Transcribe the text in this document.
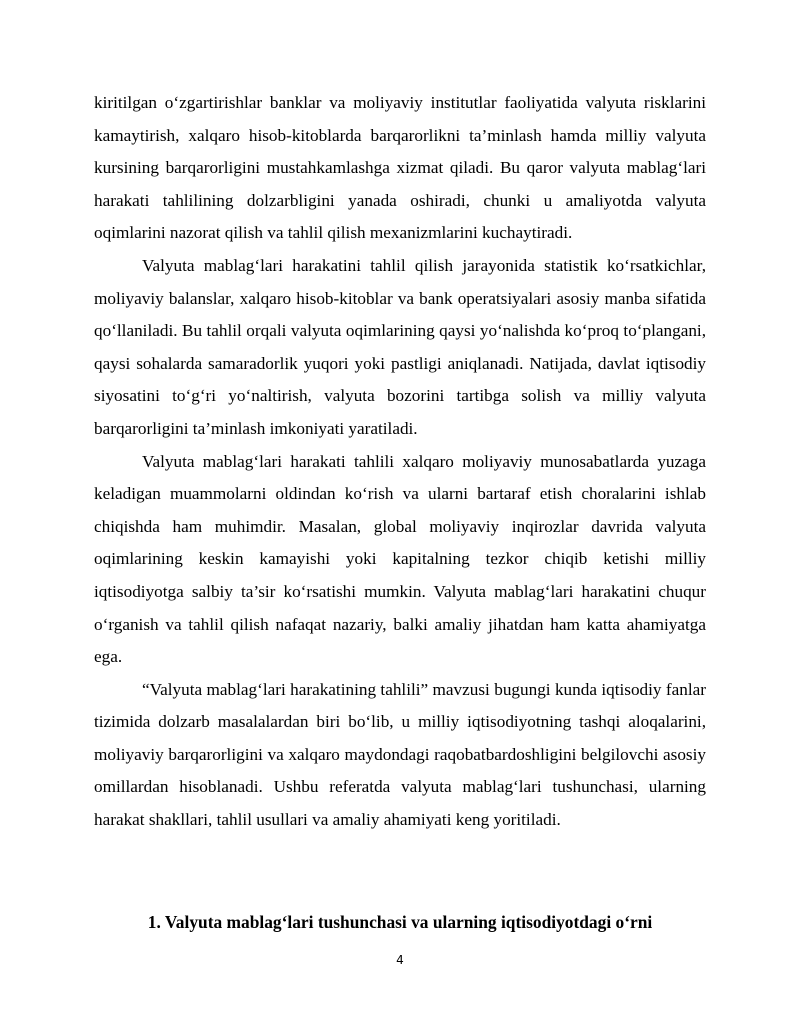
kiritilgan o‘zgartirishlar banklar va moliyaviy institutlar faoliyatida valyuta risklarini kamaytirish, xalqaro hisob-kitoblarda barqarorlikni ta’minlash hamda milliy valyuta kursining barqarorligini mustahkamlashga xizmat qiladi. Bu qaror valyuta mablag‘lari harakati tahlilining dolzarbligini yanada oshiradi, chunki u amaliyotda valyuta oqimlarini nazorat qilish va tahlil qilish mexanizmlarini kuchaytiradi.

Valyuta mablag‘lari harakatini tahlil qilish jarayonida statistik ko‘rsatkichlar, moliyaviy balanslar, xalqaro hisob-kitoblar va bank operatsiyalari asosiy manba sifatida qo‘llaniladi. Bu tahlil orqali valyuta oqimlarining qaysi yo‘nalishda ko‘proq to‘plangani, qaysi sohalarda samaradorlik yuqori yoki pastligi aniqlanadi. Natijada, davlat iqtisodiy siyosatini to‘g‘ri yo‘naltirish, valyuta bozorini tartibga solish va milliy valyuta barqarorligini ta’minlash imkoniyati yaratiladi.

Valyuta mablag‘lari harakati tahlili xalqaro moliyaviy munosabatlarda yuzaga keladigan muammolarni oldindan ko‘rish va ularni bartaraf etish choralarini ishlab chiqishda ham muhimdir. Masalan, global moliyaviy inqirozlar davrida valyuta oqimlarining keskin kamayishi yoki kapitalning tezkor chiqib ketishi milliy iqtisodiyotga salbiy ta’sir ko‘rsatishi mumkin. Valyuta mablag‘lari harakatini chuqur o‘rganish va tahlil qilish nafaqat nazariy, balki amaliy jihatdan ham katta ahamiyatga ega.

“Valyuta mablag‘lari harakatining tahlili” mavzusi bugungi kunda iqtisodiy fanlar tizimida dolzarb masalalardan biri bo‘lib, u milliy iqtisodiyotning tashqi aloqalarini, moliyaviy barqarorligini va xalqaro maydondagi raqobatbardoshligini belgilovchi asosiy omillardan hisoblanadi. Ushbu referatda valyuta mablag‘lari tushunchasi, ularning harakat shakllari, tahlil usullari va amaliy ahamiyati keng yoritiladi.

1. Valyuta mablag‘lari tushunchasi va ularning iqtisodiyotdagi o‘rni
4
